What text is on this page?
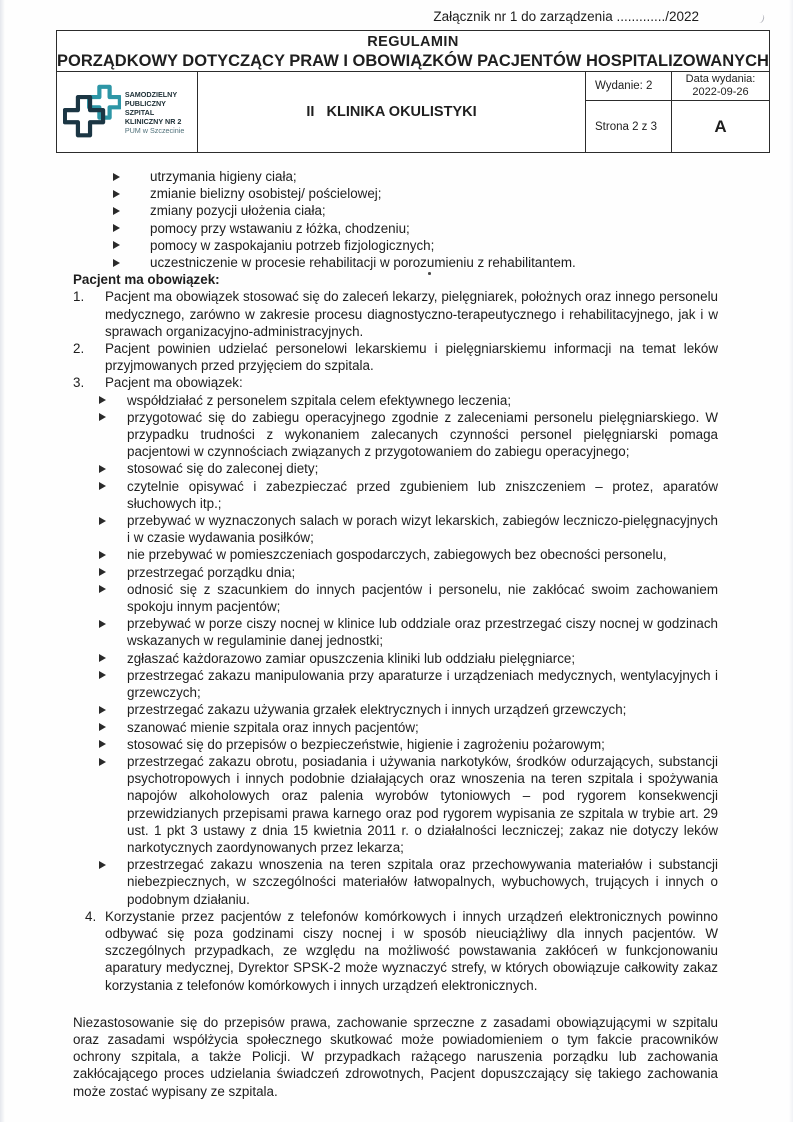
Załącznik nr 1 do zarządzenia ............./2022
REGULAMIN
PORZĄDKOWY DOTYCZĄCY PRAW I OBOWIĄZKÓW PACJENTÓW HOSPITALIZOWANYCH
SAMODZIELNY
PUBLICZNY SZPITAL
KLINICZNY NR 2
PUM w Szczecinie
II   KLINIKA OKULISTYKI
Wydanie: 2
Data wydania:
2022-09-26
Strona 2 z 3	A
utrzymania higieny ciała;
zmianie bielizny osobistej/ pościelowej;
zmiany pozycji ułożenia ciała;
pomocy przy wstawaniu z łóżka, chodzeniu;
pomocy w zaspokajaniu potrzeb fizjologicznych;
uczestniczenie w procesie rehabilitacji w porozumieniu z rehabilitantem.
Pacjent ma obowiązek:
1. Pacjent ma obowiązek stosować się do zaleceń lekarzy, pielęgniarek, położnych oraz innego personelu medycznego, zarówno w zakresie procesu diagnostyczno-terapeutycznego i rehabilitacyjnego, jak i w sprawach organizacyjno-administracyjnych.
2. Pacjent powinien udzielać personelowi lekarskiemu i pielęgniarskiemu informacji na temat leków przyjmowanych przed przyjęciem do szpitala.
3. Pacjent ma obowiązek:
współdziałać z personelem szpitala celem efektywnego leczenia;
przygotować się do zabiegu operacyjnego zgodnie z zaleceniami personelu pielęgniarskiego. W przypadku trudności z wykonaniem zalecanych czynności personel pielęgniarski pomaga pacjentowi w czynnościach związanych z przygotowaniem do zabiegu operacyjnego;
stosować się do zaleconej diety;
czytelnie opisywać i zabezpieczać przed zgubieniem lub zniszczeniem – protez, aparatów słuchowych itp.;
przebywać w wyznaczonych salach w porach wizyt lekarskich, zabiegów leczniczo-pielęgnacyjnych i w czasie wydawania posiłków;
nie przebywać w pomieszczeniach gospodarczych, zabiegowych bez obecności personelu,
przestrzegać porządku dnia;
odnosić się z szacunkiem do innych pacjentów i personelu, nie zakłócać swoim zachowaniem spokoju innym pacjentów;
przebywać w porze ciszy nocnej w klinice lub oddziale oraz przestrzegać ciszy nocnej w godzinach wskazanych w regulaminie danej jednostki;
zgłaszać każdorazowo zamiar opuszczenia kliniki lub oddziału pielęgniarce;
przestrzegać zakazu manipulowania przy aparaturze i urządzeniach medycznych, wentylacyjnych i grzewczych;
przestrzegać zakazu używania grzałek elektrycznych i innych urządzeń grzewczych;
szanować mienie szpitala oraz innych pacjentów;
stosować się do przepisów o bezpieczeństwie, higienie i zagrożeniu pożarowym;
przestrzegać zakazu obrotu, posiadania i używania narkotyków, środków odurzających, substancji psychotropowych i innych podobnie działających oraz wnoszenia na teren szpitala i spożywania napojów alkoholowych oraz palenia wyrobów tytoniowych – pod rygorem konsekwencji przewidzianych przepisami prawa karnego oraz pod rygorem wypisania ze szpitala w trybie art. 29 ust. 1 pkt 3 ustawy z dnia 15 kwietnia 2011 r. o działalności leczniczej; zakaz nie dotyczy leków narkotycznych zaordynowanych przez lekarza;
przestrzegać zakazu wnoszenia na teren szpitala oraz przechowywania materiałów i substancji niebezpiecznych, w szczególności materiałów łatwopalnych, wybuchowych, trujących i innych o podobnym działaniu.
4. Korzystanie przez pacjentów z telefonów komórkowych i innych urządzeń elektronicznych powinno odbywać się poza godzinami ciszy nocnej i w sposób nieuciążliwy dla innych pacjentów. W szczególnych przypadkach, ze względu na możliwość powstawania zakłóceń w funkcjonowaniu aparatury medycznej, Dyrektor SPSK-2 może wyznaczyć strefy, w których obowiązuje całkowity zakaz korzystania z telefonów komórkowych i innych urządzeń elektronicznych.
Niezastosowanie się do przepisów prawa, zachowanie sprzeczne z zasadami obowiązującymi w szpitalu oraz zasadami współżycia społecznego skutkować może powiadomieniem o tym fakcie pracowników ochrony szpitala, a także Policji. W przypadkach rażącego naruszenia porządku lub zachowania zakłócającego proces udzielania świadczeń zdrowotnych, Pacjent dopuszczający się takiego zachowania może zostać wypisany ze szpitala.
